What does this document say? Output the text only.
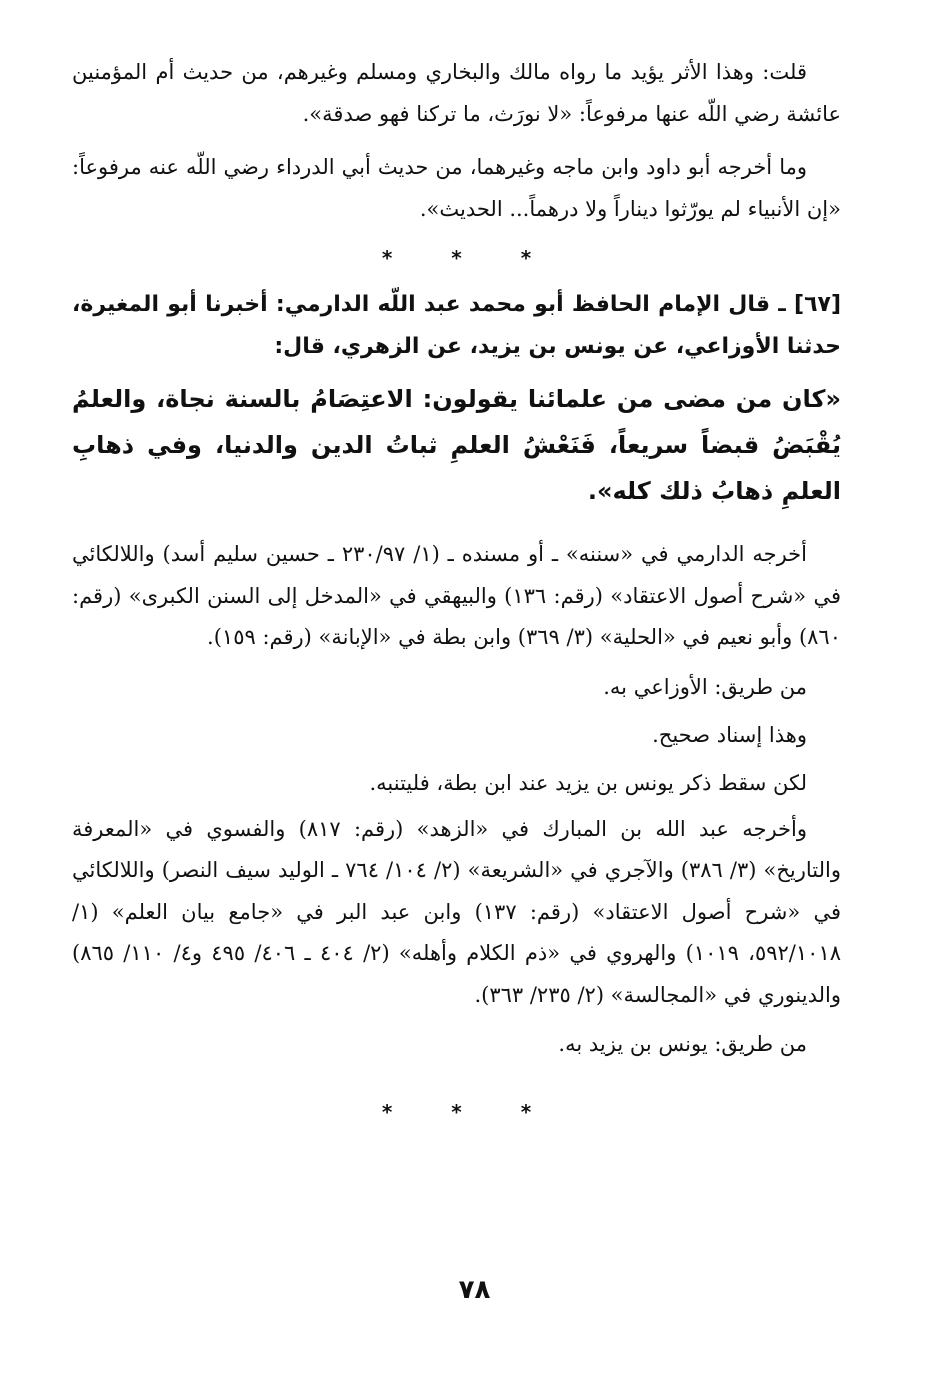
قلت: وهذا الأثر يؤيد ما رواه مالك والبخاري ومسلم وغيرهم، من حديث أم المؤمنين عائشة رضي اللّه عنها مرفوعاً: «لا نورَث، ما تركنا فهو صدقة».

وما أخرجه أبو داود وابن ماجه وغيرهما، من حديث أبي الدرداء رضي اللّه عنه مرفوعاً: «إن الأنبياء لم يورّثوا ديناراً ولا درهماً... الحديث».

* * *

[٦٧] ـ قال الإمام الحافظ أبو محمد عبد اللّه الدارمي: أخبرنا أبو المغيرة، حدثنا الأوزاعي، عن يونس بن يزيد، عن الزهري، قال:

«كان من مضى من علمائنا يقولون: الاعتِصَامُ بالسنة نجاة، والعلمُ يُقْبَضُ قبضاً سريعاً، فَنَعْشُ العلمِ ثباتُ الدين والدنيا، وفي ذهابِ العلمِ ذهابُ ذلك كله».

أخرجه الدارمي في «سننه» ـ أو مسنده ـ (١/ ٢٣٠/٩٧ ـ حسين سليم أسد) واللالكائي في «شرح أصول الاعتقاد» (رقم: ١٣٦) والبيهقي في «المدخل إلى السنن الكبرى» (رقم: ٨٦٠) وأبو نعيم في «الحلية» (٣/ ٣٦٩) وابن بطة في «الإبانة» (رقم: ١٥٩).

من طريق: الأوزاعي به.

وهذا إسناد صحيح.

لكن سقط ذكر يونس بن يزيد عند ابن بطة، فليتنبه.

وأخرجه عبد الله بن المبارك في «الزهد» (رقم: ٨١٧) والفسوي في «المعرفة والتاريخ» (٣/ ٣٨٦) والآجري في «الشريعة» (٢/ ١٠٤/ ٧٦٤ ـ الوليد سيف النصر) واللالكائي في «شرح أصول الاعتقاد» (رقم: ١٣٧) وابن عبد البر في «جامع بيان العلم» (١/ ٥٩٢/١٠١٨، ١٠١٩) والهروي في «ذم الكلام وأهله» (٢/ ٤٠٤ ـ ٤٠٦/ ٤٩٥ و٤/ ١١٠/ ٨٦٥) والدينوري في «المجالسة» (٢/ ٢٣٥/ ٣٦٣).

من طريق: يونس بن يزيد به.

* * *
٧٨
